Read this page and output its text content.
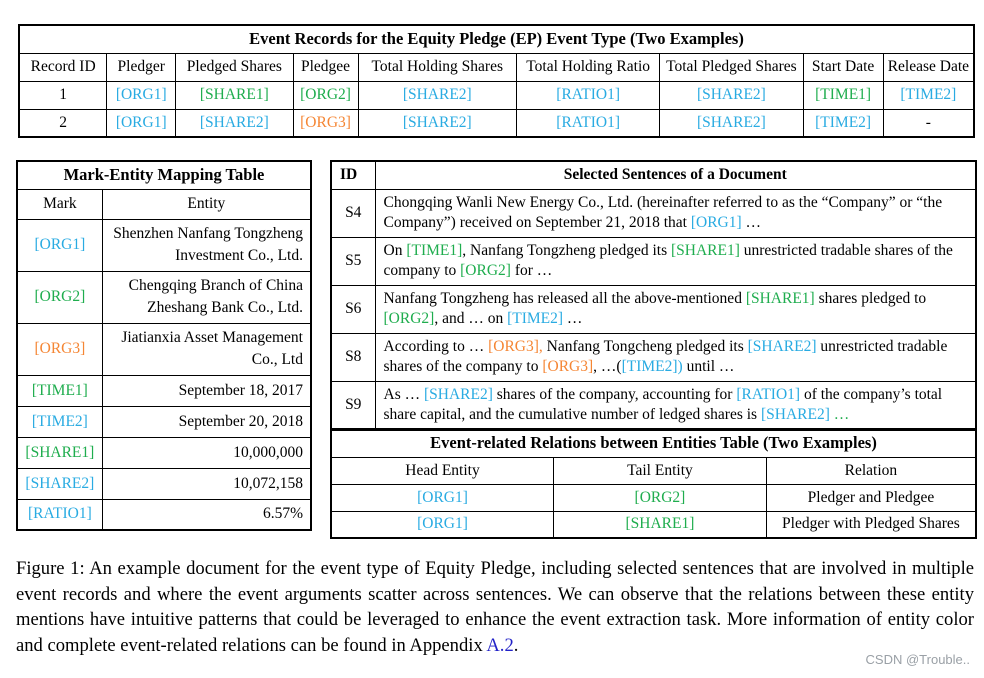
Event Records for the Equity Pledge (EP) Event Type (Two Examples)								
Record ID	Pledger	Pledged Shares	Pledgee	Total Holding Shares	Total Holding Ratio	Total Pledged Shares	Start Date	Release Date
1	[ORG1]	[SHARE1]	[ORG2]	[SHARE2]	[RATIO1]	[SHARE2]	[TIME1]	[TIME2]
2	[ORG1]	[SHARE2]	[ORG3]	[SHARE2]	[RATIO1]	[SHARE2]	[TIME2]	-
Mark-Entity Mapping Table	
Mark	Entity
[ORG1]	Shenzhen Nanfang Tongzheng Investment Co., Ltd.
[ORG2]	Chengqing Branch of China Zheshang Bank Co., Ltd.
[ORG3]	Jiatianxia Asset Management Co., Ltd
[TIME1]	September 18, 2017
[TIME2]	September 20, 2018
[SHARE1]	10,000,000
[SHARE2]	10,072,158
[RATIO1]	6.57%
ID	Selected Sentences of a Document
S4	Chongqing Wanli New Energy Co., Ltd. (hereinafter referred to as the “Company” or “the Company”) received on September 21, 2018 that [ORG1] …
S5	On [TIME1], Nanfang Tongzheng pledged its [SHARE1] unrestricted tradable shares of the company to [ORG2] for …
S6	Nanfang Tongzheng has released all the above-mentioned [SHARE1] shares pledged to [ORG2], and … on [TIME2] …
S8	According to … [ORG3], Nanfang Tongcheng pledged its [SHARE2] unrestricted tradable shares of the company to [ORG3], …([TIME2]) until …
S9	As … [SHARE2] shares of the company, accounting for [RATIO1] of the company’s total share capital, and the cumulative number of ledged shares is [SHARE2] …
Event-related Relations between Entities Table (Two Examples)		
Head Entity	Tail Entity	Relation
[ORG1]	[ORG2]	Pledger and Pledgee
[ORG1]	[SHARE1]	Pledger with Pledged Shares

Figure 1: An example document for the event type of Equity Pledge, including selected sentences that are involved in multiple event records and where the event arguments scatter across sentences. We can observe that the relations between these entity mentions have intuitive patterns that could be leveraged to enhance the event extraction task. More information of entity color and complete event-related relations can be found in Appendix A.2.

CSDN @Trouble..
